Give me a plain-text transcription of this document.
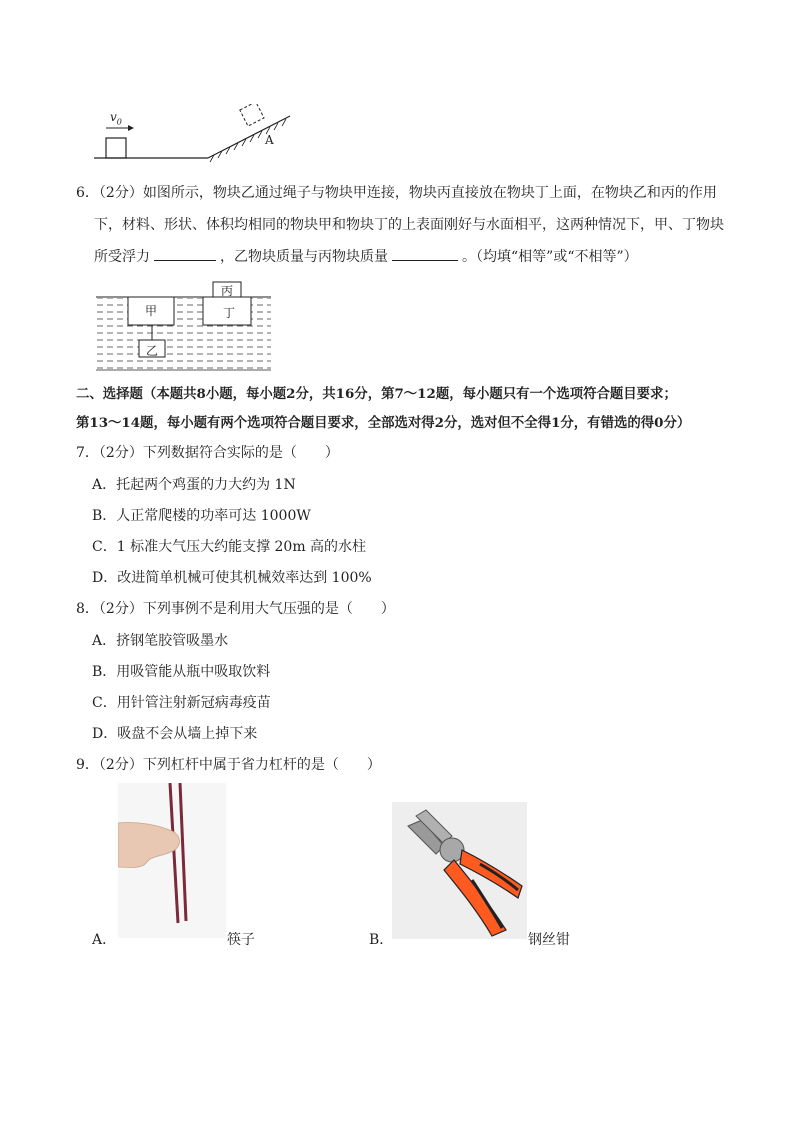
$v_0$
A
6．（2分）如图所示，物块乙通过绳子与物块甲连接，物块丙直接放在物块丁上面，在物块乙和丙的作用
下，材料、形状、体积均相同的物块甲和物块丁的上表面刚好与水面相平，这两种情况下，甲、丁物块
所受浮力	，乙物块质量与丙物块质量	。（均填“相等”或“不相等”）
丙
丁
甲
乙
二、选择题（本题共8小题，每小题2分，共16分，第7～12题，每小题只有一个选项符合题目要求；
第13～14题，每小题有两个选项符合题目要求，全部选对得2分，选对但不全得1分，有错选的得0分）
7．（2分）下列数据符合实际的是（　　）
A．托起两个鸡蛋的力大约为 1N
B．人正常爬楼的功率可达 1000W
C．1 标准大气压大约能支撑 20m 高的水柱
D．改进简单机械可使其机械效率达到 100%
8．（2分）下列事例不是利用大气压强的是（　　）
A．挤钢笔胶管吸墨水
B．用吸管能从瓶中吸取饮料
C．用针管注射新冠病毒疫苗
D．吸盘不会从墙上掉下来
9．（2分）下列杠杆中属于省力杠杆的是（　　）
A．	筷子	B．	钢丝钳
